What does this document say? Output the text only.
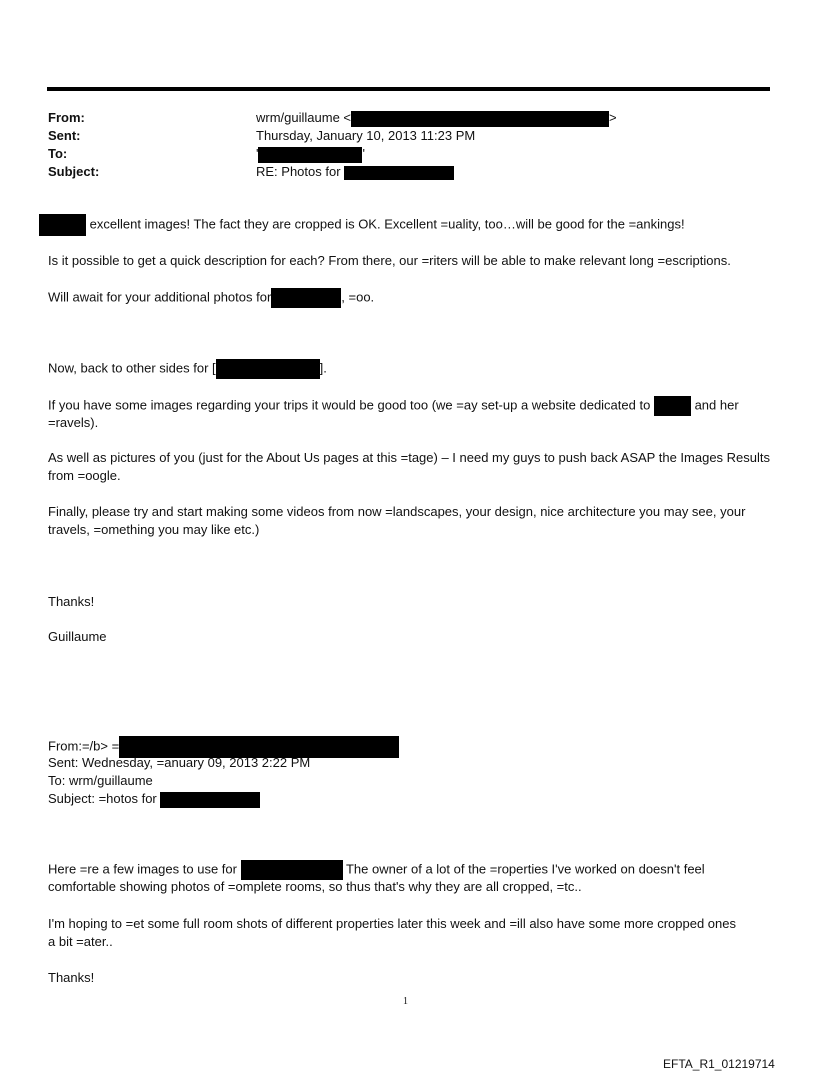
From:	wrm/guillaume <	>
Sent:	Thursday, January 10, 2013 11:23 PM
To:	'	'
Subject:	RE: Photos for
excellent images! The fact they are cropped is OK. Excellent =uality, too…will be good for the =ankings!
Is it possible to get a quick description for each? From there, our =riters will be able to make relevant long =escriptions.
Will await for your additional photos for	, =oo.
Now, back to other sides for [	].
If you have some images regarding your trips it would be good too (we =ay set-up a website dedicated to	and her
=ravels).
As well as pictures of you (just for the About Us pages at this =tage) – I need my guys to push back ASAP the Images Results from =oogle.
Finally, please try and start making some videos from now =landscapes, your design, nice architecture you may see, your travels, =omething you may like etc.)
Thanks!
Guillaume
From:=/b> =
Sent: Wednesday, =anuary 09, 2013 2:22 PM
To: wrm/guillaume
Subject: =hotos for
Here =re a few images to use for	The owner of a lot of the =roperties I've worked on doesn't feel
comfortable showing photos of =omplete rooms, so thus that's why they are all cropped, =tc..
I'm hoping to =et some full room shots of different properties later this week and =ill also have some more cropped ones
a bit =ater..
Thanks!
1
EFTA_R1_01219714
